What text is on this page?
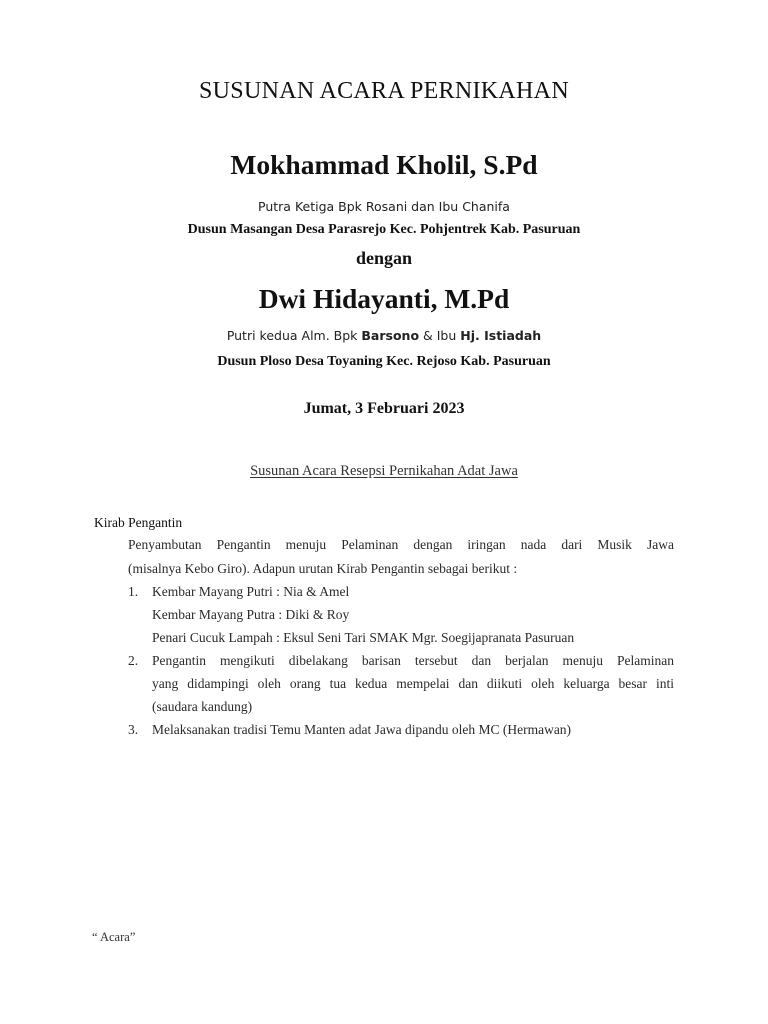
SUSUNAN ACARA PERNIKAHAN
Mokhammad Kholil, S.Pd
Putra Ketiga Bpk Rosani dan Ibu Chanifa
Dusun Masangan Desa Parasrejo Kec. Pohjentrek Kab. Pasuruan
dengan
Dwi Hidayanti, M.Pd
Putri kedua Alm. Bpk Barsono & Ibu Hj. Istiadah
Dusun Ploso Desa Toyaning Kec. Rejoso Kab. Pasuruan
Jumat, 3 Februari 2023
Susunan Acara Resepsi Pernikahan Adat Jawa
Kirab Pengantin
Penyambutan Pengantin menuju Pelaminan dengan iringan nada dari Musik Jawa
(misalnya Kebo Giro). Adapun urutan Kirab Pengantin sebagai berikut :
1. Kembar Mayang Putri : Nia & Amel
Kembar Mayang Putra : Diki & Roy
Penari Cucuk Lampah : Eksul Seni Tari SMAK Mgr. Soegijapranata Pasuruan
2. Pengantin mengikuti dibelakang barisan tersebut dan berjalan menuju Pelaminan
yang didampingi oleh orang tua kedua mempelai dan diikuti oleh keluarga besar inti
(saudara kandung)
3. Melaksanakan tradisi Temu Manten adat Jawa dipandu oleh MC (Hermawan)
“ Acara”
